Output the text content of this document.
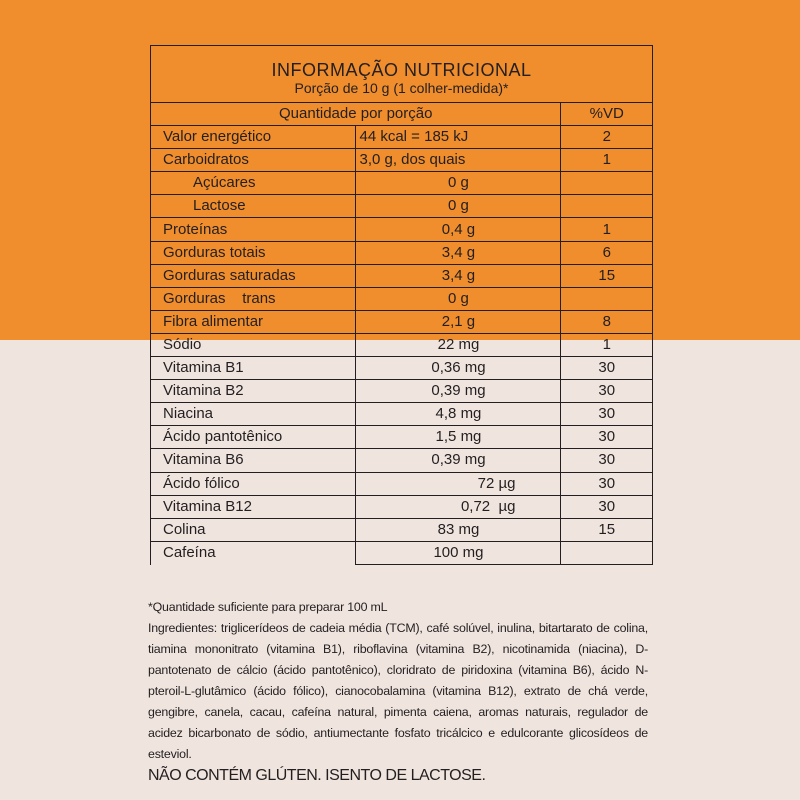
INFORMAÇÃO NUTRICIONAL
Porção de 10 g (1 colher-medida)*
Quantidade por porção		%VD
Valor energético	44 kcal = 185 kJ	2
Carboidratos	3,0 g, dos quais	1
Açúcares	0 g	
Lactose	0 g	
Proteínas	0,4 g	1
Gorduras totais	3,4 g	6
Gorduras saturadas	3,4 g	15
Gorduras    trans	0 g	
Fibra alimentar	2,1 g	8
Sódio	22 mg	1
Vitamina B1	0,36 mg	30
Vitamina B2	0,39 mg	30
Niacina	4,8 mg	30
Ácido pantotênico	1,5 mg	30
Vitamina B6	0,39 mg	30
Ácido fólico	72 µg	30
Vitamina B12	0,72  µg	30
Colina	83 mg	15
Cafeína	100 mg	
*Quantidade suficiente para preparar 100 mL
Ingredientes: triglicerídeos de cadeia média (TCM), café solúvel, inulina, bitartarato de colina, tiamina mononitrato (vitamina B1), riboflavina (vitamina B2), nicotinamida (niacina), D-pantotenato de cálcio (ácido pantotênico), cloridrato de piridoxina (vitamina B6), ácido N-pteroil-L-glutâmico (ácido fólico), cianocobalamina (vitamina B12), extrato de chá verde, gengibre, canela, cacau, cafeína natural, pimenta caiena, aromas naturais, regulador de acidez bicarbonato de sódio, antiumectante fosfato tricálcico e edulcorante glicosídeos de esteviol.
NÃO CONTÉM GLÚTEN. ISENTO DE LACTOSE.
